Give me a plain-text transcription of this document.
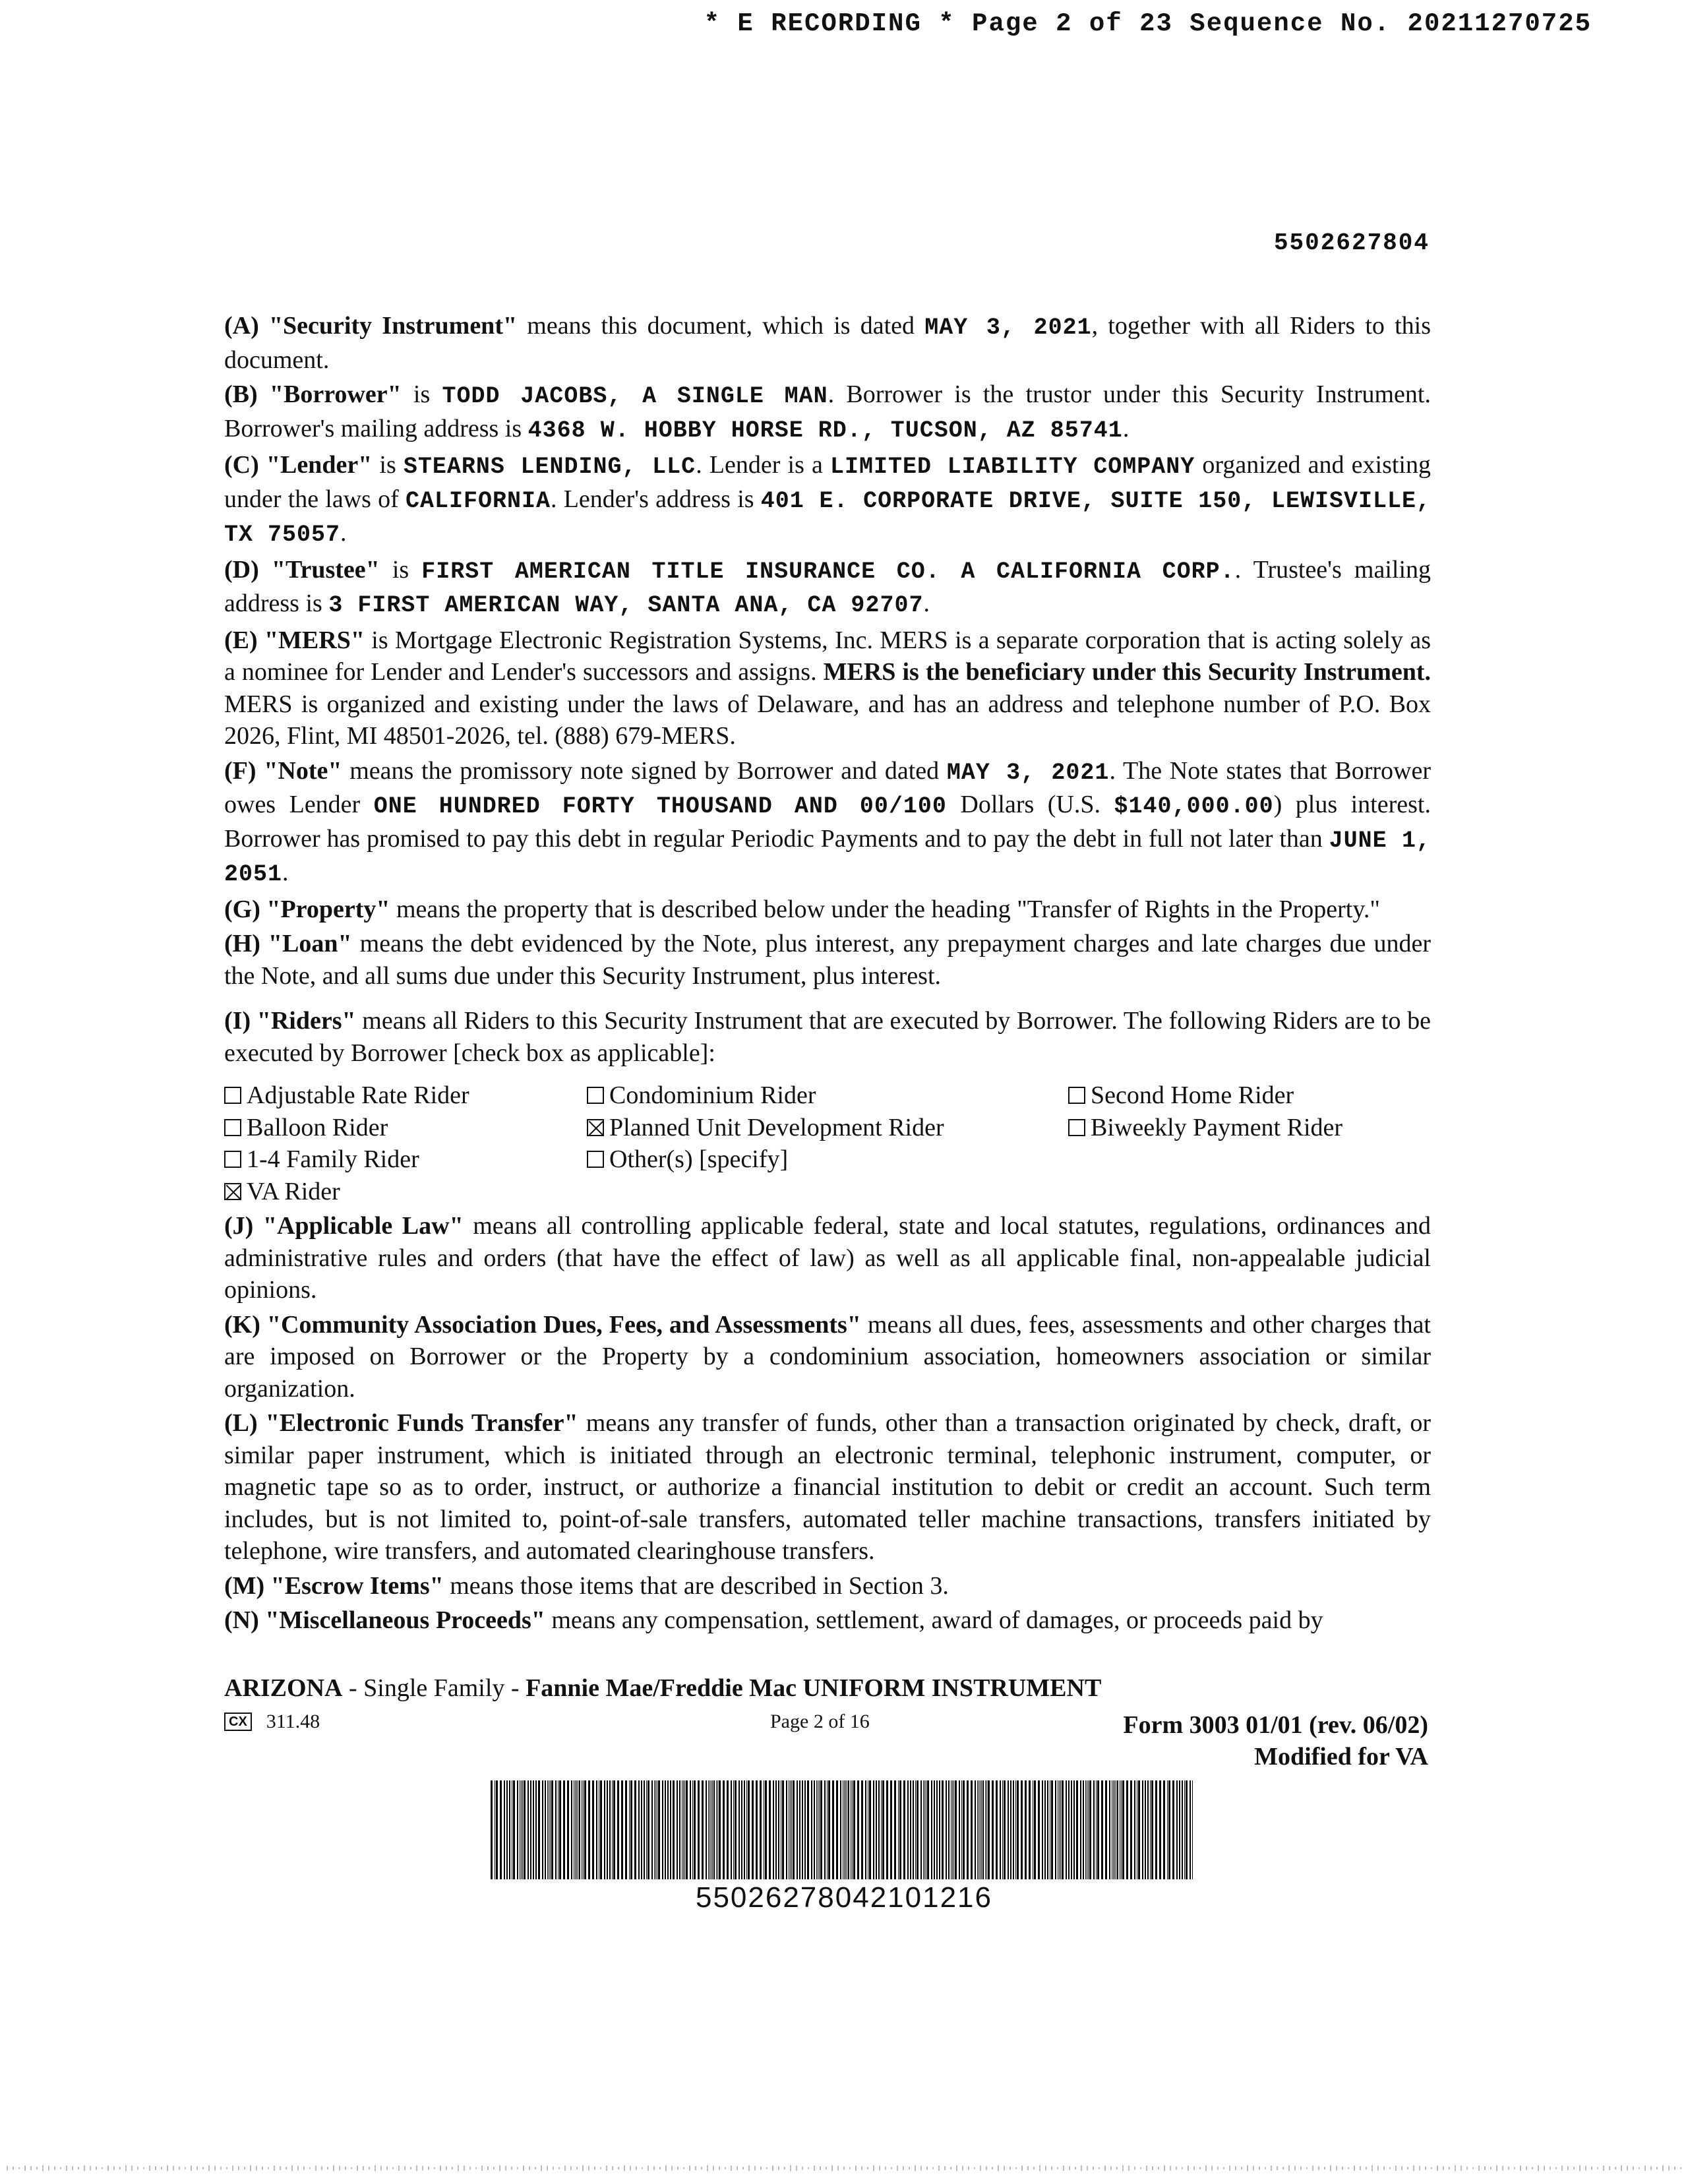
* E RECORDING * Page 2 of 23 Sequence No. 20211270725
5502627804

(A) "Security Instrument" means this document, which is dated MAY 3, 2021, together with all Riders to this document.

(B) "Borrower" is TODD JACOBS, A SINGLE MAN. Borrower is the trustor under this Security Instrument. Borrower's mailing address is 4368 W. HOBBY HORSE RD., TUCSON, AZ 85741.

(C) "Lender" is STEARNS LENDING, LLC. Lender is a LIMITED LIABILITY COMPANY organized and existing under the laws of CALIFORNIA. Lender's address is 401 E. CORPORATE DRIVE, SUITE 150, LEWISVILLE, TX 75057.

(D) "Trustee" is FIRST AMERICAN TITLE INSURANCE CO. A CALIFORNIA CORP.. Trustee's mailing address is 3 FIRST AMERICAN WAY, SANTA ANA, CA 92707.

(E) "MERS" is Mortgage Electronic Registration Systems, Inc. MERS is a separate corporation that is acting solely as a nominee for Lender and Lender's successors and assigns. MERS is the beneficiary under this Security Instrument. MERS is organized and existing under the laws of Delaware, and has an address and telephone number of P.O. Box 2026, Flint, MI 48501-2026, tel. (888) 679-MERS.

(F) "Note" means the promissory note signed by Borrower and dated MAY 3, 2021. The Note states that Borrower owes Lender ONE HUNDRED FORTY THOUSAND AND 00/100 Dollars (U.S. $140,000.00) plus interest. Borrower has promised to pay this debt in regular Periodic Payments and to pay the debt in full not later than JUNE 1, 2051.

(G) "Property" means the property that is described below under the heading "Transfer of Rights in the Property."

(H) "Loan" means the debt evidenced by the Note, plus interest, any prepayment charges and late charges due under the Note, and all sums due under this Security Instrument, plus interest.

(I) "Riders" means all Riders to this Security Instrument that are executed by Borrower. The following Riders are to be executed by Borrower [check box as applicable]:

Adjustable Rate Rider	Condominium Rider	Second Home Rider
Balloon Rider	Planned Unit Development Rider	Biweekly Payment Rider
1-4 Family Rider	Other(s) [specify]
VA Rider

(J) "Applicable Law" means all controlling applicable federal, state and local statutes, regulations, ordinances and administrative rules and orders (that have the effect of law) as well as all applicable final, non-appealable judicial opinions.

(K) "Community Association Dues, Fees, and Assessments" means all dues, fees, assessments and other charges that are imposed on Borrower or the Property by a condominium association, homeowners association or similar organization.

(L) "Electronic Funds Transfer" means any transfer of funds, other than a transaction originated by check, draft, or similar paper instrument, which is initiated through an electronic terminal, telephonic instrument, computer, or magnetic tape so as to order, instruct, or authorize a financial institution to debit or credit an account. Such term includes, but is not limited to, point-of-sale transfers, automated teller machine transactions, transfers initiated by telephone, wire transfers, and automated clearinghouse transfers.

(M) "Escrow Items" means those items that are described in Section 3.

(N) "Miscellaneous Proceeds" means any compensation, settlement, award of damages, or proceeds paid by

ARIZONA - Single Family - Fannie Mae/Freddie Mac UNIFORM INSTRUMENT
CX 311.48	Page 2 of 16	Form 3003 01/01 (rev. 06/02)
Modified for VA
55026278042101216
